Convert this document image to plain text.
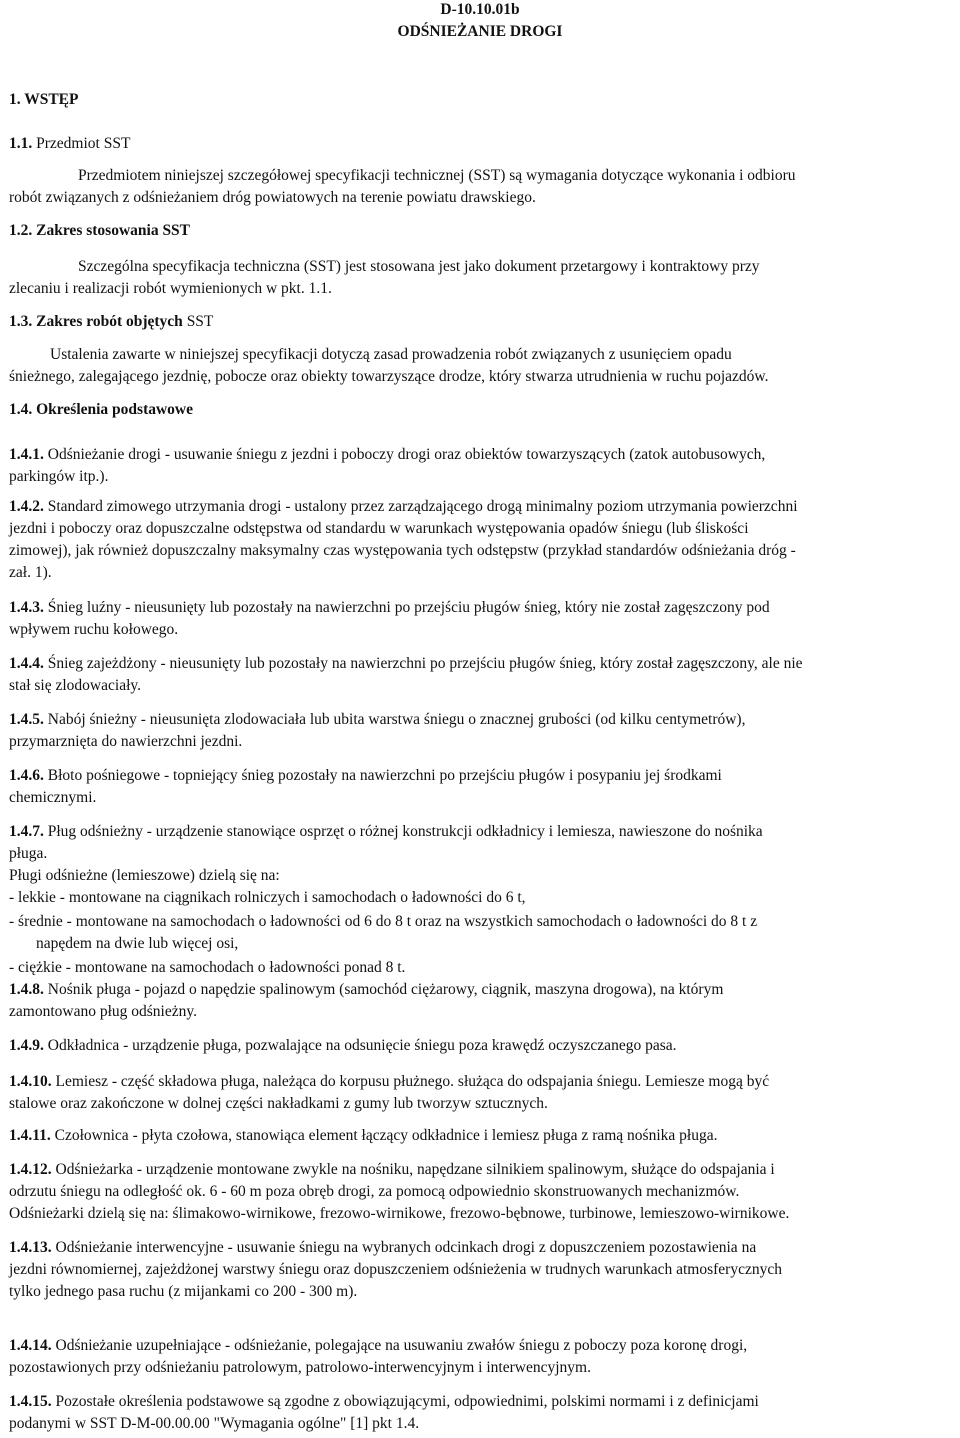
D-10.10.01b
ODŚNIEŻANIE DROGI
1. WSTĘP
1.1. Przedmiot SST
Przedmiotem niniejszej szczegółowej specyfikacji technicznej (SST) są wymagania dotyczące wykonania i odbioru
robót związanych z odśnieżaniem dróg powiatowych na terenie powiatu drawskiego.
1.2. Zakres stosowania SST
Szczególna specyfikacja techniczna (SST) jest stosowana jest jako dokument przetargowy i kontraktowy przy
zlecaniu i realizacji robót wymienionych w pkt. 1.1.
1.3. Zakres robót objętych SST
Ustalenia zawarte w niniejszej specyfikacji dotyczą zasad prowadzenia robót związanych z usunięciem opadu
śnieżnego, zalegającego jezdnię, pobocze oraz obiekty towarzyszące drodze, który stwarza utrudnienia w ruchu pojazdów.
1.4. Określenia podstawowe
1.4.1. Odśnieżanie drogi - usuwanie śniegu z jezdni i poboczy drogi oraz obiektów towarzyszących (zatok autobusowych,
parkingów itp.).
1.4.2. Standard zimowego utrzymania drogi - ustalony przez zarządzającego drogą minimalny poziom utrzymania powierzchni
jezdni i poboczy oraz dopuszczalne odstępstwa od standardu w warunkach występowania opadów śniegu (lub śliskości
zimowej), jak również dopuszczalny maksymalny czas występowania tych odstępstw (przykład standardów odśnieżania dróg -
zał. 1).
1.4.3. Śnieg luźny - nieusunięty lub pozostały na nawierzchni po przejściu pługów śnieg, który nie został zagęszczony pod
wpływem ruchu kołowego.
1.4.4. Śnieg zajeżdżony - nieusunięty lub pozostały na nawierzchni po przejściu pługów śnieg, który został zagęszczony, ale nie
stał się zlodowaciały.
1.4.5. Nabój śnieżny - nieusunięta zlodowaciała lub ubita warstwa śniegu o znacznej grubości (od kilku centymetrów),
przymarznięta do nawierzchni jezdni.
1.4.6. Błoto pośniegowe - topniejący śnieg pozostały na nawierzchni po przejściu pługów i posypaniu jej środkami
chemicznymi.
1.4.7. Pług odśnieżny - urządzenie stanowiące osprzęt o różnej konstrukcji odkładnicy i lemiesza, nawieszone do nośnika
pługa.
Pługi odśnieżne (lemieszowe) dzielą się na:
- lekkie - montowane na ciągnikach rolniczych i samochodach o ładowności do 6 t,
- średnie - montowane na samochodach o ładowności od 6 do 8 t oraz na wszystkich samochodach o ładowności do 8 t z
napędem na dwie lub więcej osi,
- ciężkie - montowane na samochodach o ładowności ponad 8 t.
1.4.8. Nośnik pługa - pojazd o napędzie spalinowym (samochód ciężarowy, ciągnik, maszyna drogowa), na którym
zamontowano pług odśnieżny.
1.4.9. Odkładnica - urządzenie pługa, pozwalające na odsunięcie śniegu poza krawędź oczyszczanego pasa.
1.4.10. Lemiesz - część składowa pługa, należąca do korpusu płużnego. służąca do odspajania śniegu. Lemiesze mogą być
stalowe oraz zakończone w dolnej części nakładkami z gumy lub tworzyw sztucznych.
1.4.11. Czołownica - płyta czołowa, stanowiąca element łączący odkładnice i lemiesz pługa z ramą nośnika pługa.
1.4.12. Odśnieżarka - urządzenie montowane zwykle na nośniku, napędzane silnikiem spalinowym, służące do odspajania i
odrzutu śniegu na odległość ok. 6 - 60 m poza obręb drogi, za pomocą odpowiednio skonstruowanych mechanizmów.
Odśnieżarki dzielą się na: ślimakowo-wirnikowe, frezowo-wirnikowe, frezowo-bębnowe, turbinowe, lemieszowo-wirnikowe.
1.4.13. Odśnieżanie interwencyjne - usuwanie śniegu na wybranych odcinkach drogi z dopuszczeniem pozostawienia na
jezdni równomiernej, zajeżdżonej warstwy śniegu oraz dopuszczeniem odśnieżenia w trudnych warunkach atmosferycznych
tylko jednego pasa ruchu (z mijankami co 200 - 300 m).
1.4.14. Odśnieżanie uzupełniające - odśnieżanie, polegające na usuwaniu zwałów śniegu z poboczy poza koronę drogi,
pozostawionych przy odśnieżaniu patrolowym, patrolowo-interwencyjnym i interwencyjnym.
1.4.15. Pozostałe określenia podstawowe są zgodne z obowiązującymi, odpowiednimi, polskimi normami i z definicjami
podanymi w SST D-M-00.00.00 "Wymagania ogólne" [1] pkt 1.4.
